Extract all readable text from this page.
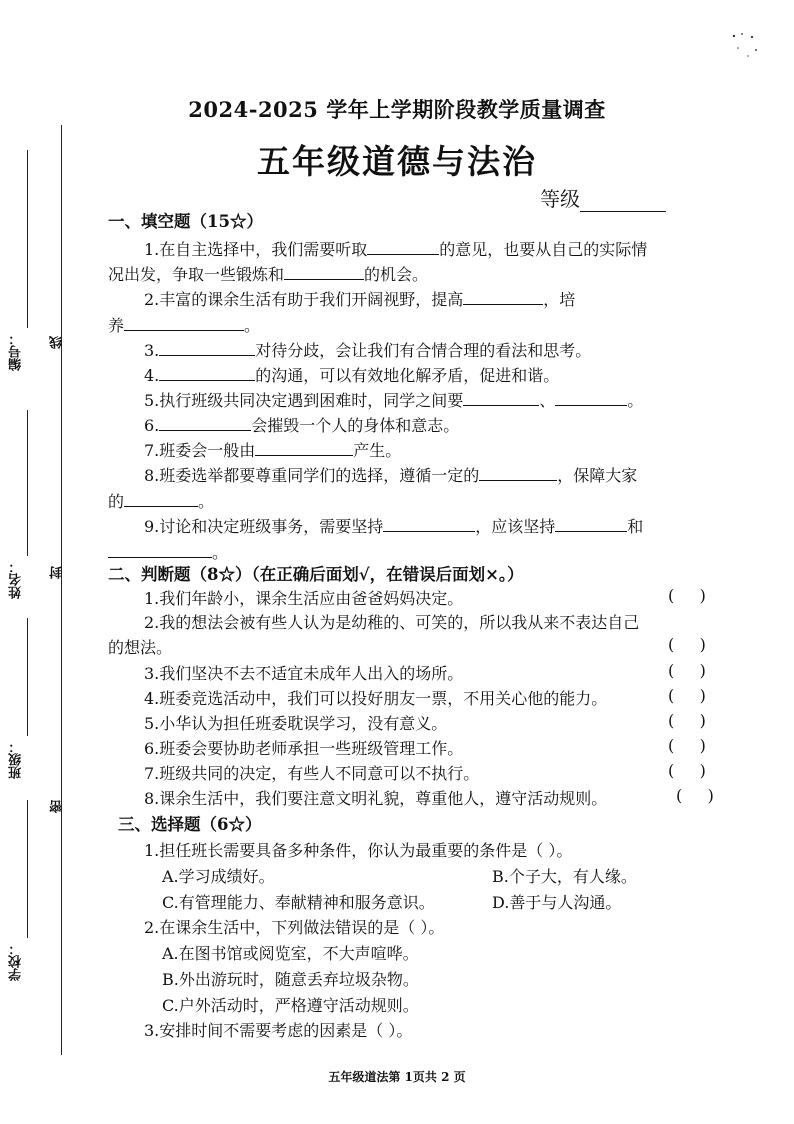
编号：
姓名：
班级：
学校：
线
封
密
2024-2025 学年上学期阶段教学质量调查
五年级道德与法治
等级
一、填空题（15☆）
1.在自主选择中，我们需要听取	的意见，也要从自己的实际情
况出发，争取一些锻炼和	的机会。
2.丰富的课余生活有助于我们开阔视野，提高	，培
养	。
3.	对待分歧，会让我们有合情合理的看法和思考。
4.	的沟通，可以有效地化解矛盾，促进和谐。
5.执行班级共同决定遇到困难时，同学之间要	、	。
6.	会摧毁一个人的身体和意志。
7.班委会一般由	产生。
8.班委选举都要尊重同学们的选择，遵循一定的	，保障大家
的	。
9.讨论和决定班级事务，需要坚持	，应该坚持	和
。
二、判断题（8☆）（在正确后面划√，在错误后面划×。）
1.我们年龄小，课余生活应由爸爸妈妈决定。	(     )
2.我的想法会被有些人认为是幼稚的、可笑的，所以我从来不表达自己
的想法。	(     )
3.我们坚决不去不适宜未成年人出入的场所。	(     )
4.班委竞选活动中，我们可以投好朋友一票，不用关心他的能力。	(     )
5.小华认为担任班委耽误学习，没有意义。	(     )
6.班委会要协助老师承担一些班级管理工作。	(     )
7.班级共同的决定，有些人不同意可以不执行。	(     )
8.课余生活中，我们要注意文明礼貌，尊重他人，遵守活动规则。	(     )
三、选择题（6☆）
1.担任班长需要具备多种条件，你认为最重要的条件是（ ）。
A.学习成绩好。	B.个子大，有人缘。
C.有管理能力、奉献精神和服务意识。	D.善于与人沟通。
2.在课余生活中，下列做法错误的是（ ）。
A.在图书馆或阅览室，不大声喧哗。
B.外出游玩时，随意丢弃垃圾杂物。
C.户外活动时，严格遵守活动规则。
3.安排时间不需要考虑的因素是（ ）。
五年级道法第 1页共 2 页
